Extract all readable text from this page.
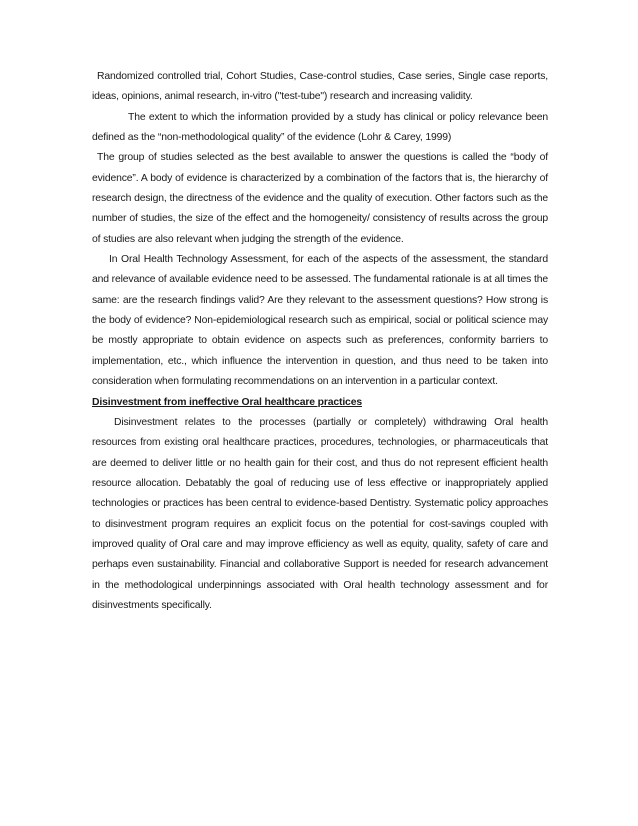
Randomized controlled trial, Cohort Studies, Case-control studies, Case series, Single case reports, ideas, opinions, animal research, in-vitro ("test-tube") research and increasing validity.

The extent to which the information provided by a study has clinical or policy relevance been defined as the “non-methodological quality” of the evidence (Lohr & Carey, 1999)

The group of studies selected as the best available to answer the questions is called the “body of evidence”. A body of evidence is characterized by a combination of the factors that is, the hierarchy of research design, the directness of the evidence and the quality of execution. Other factors such as the number of studies, the size of the effect and the homogeneity/ consistency of results across the group of studies are also relevant when judging the strength of the evidence.

In Oral Health Technology Assessment, for each of the aspects of the assessment, the standard and relevance of available evidence need to be assessed. The fundamental rationale is at all times the same: are the research findings valid? Are they relevant to the assessment questions? How strong is the body of evidence? Non-epidemiological research such as empirical, social or political science may be mostly appropriate to obtain evidence on aspects such as preferences, conformity barriers to implementation, etc., which influence the intervention in question, and thus need to be taken into consideration when formulating recommendations on an intervention in a particular context.

Disinvestment from ineffective Oral healthcare practices

Disinvestment relates to the processes (partially or completely) withdrawing Oral health resources from existing oral healthcare practices, procedures, technologies, or pharmaceuticals that are deemed to deliver little or no health gain for their cost, and thus do not represent efficient health resource allocation. Debatably the goal of reducing use of less effective or inappropriately applied technologies or practices has been central to evidence-based Dentistry. Systematic policy approaches to disinvestment program requires an explicit focus on the potential for cost-savings coupled with improved quality of Oral care and may improve efficiency as well as equity, quality, safety of care and perhaps even sustainability. Financial and collaborative Support is needed for research advancement in the methodological underpinnings associated with Oral health technology assessment and for disinvestments specifically.
